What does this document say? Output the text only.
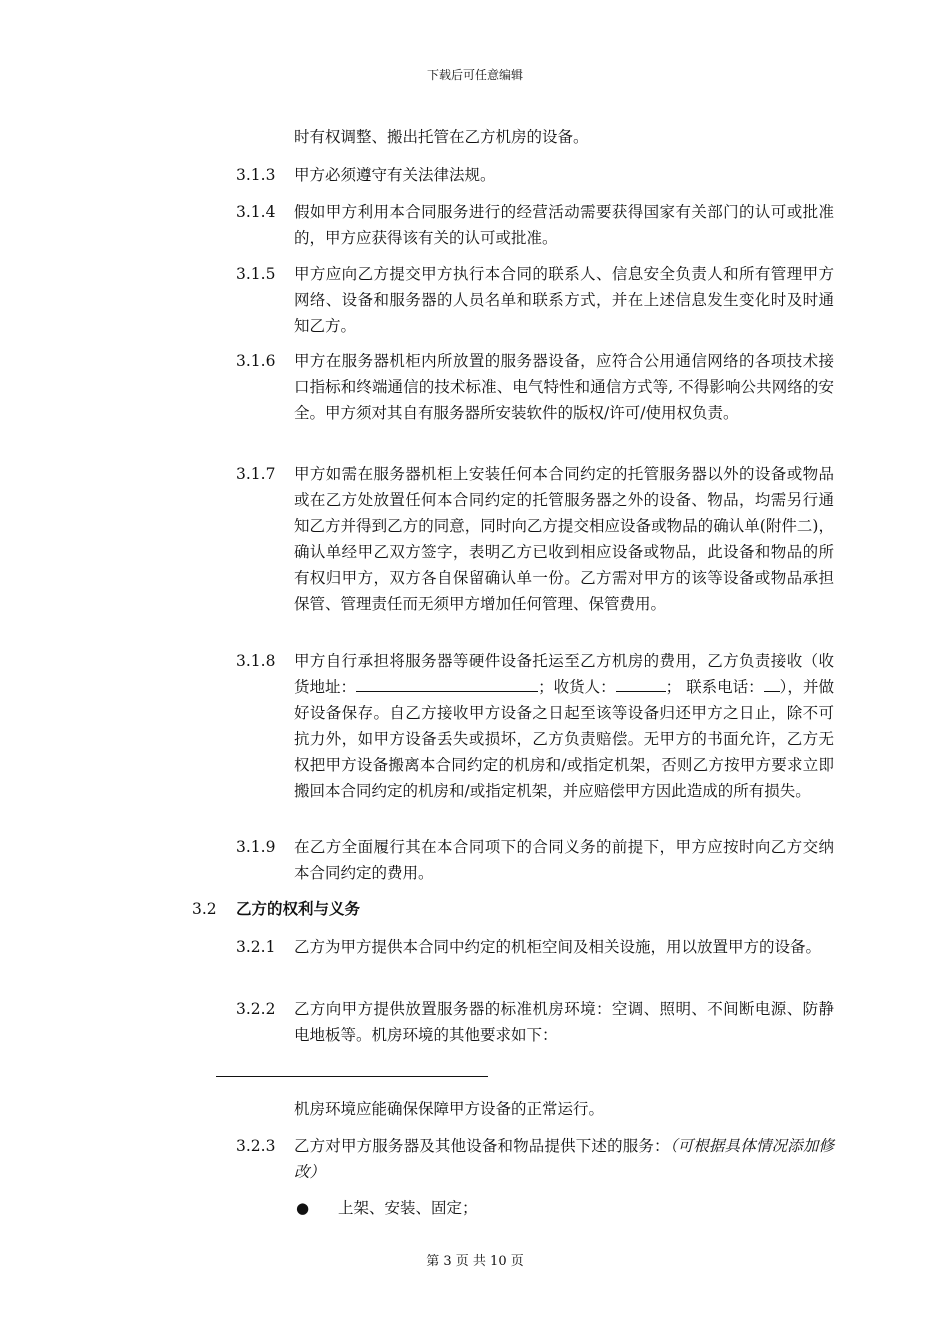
下载后可任意编辑
时有权调整、搬出托管在乙方机房的设备。
3.1.3	甲方必须遵守有关法律法规。
3.1.4	假如甲方利用本合同服务进行的经营活动需要获得国家有关部门的认可或批准的，甲方应获得该有关的认可或批准。
3.1.5	甲方应向乙方提交甲方执行本合同的联系人、信息安全负责人和所有管理甲方网络、设备和服务器的人员名单和联系方式，并在上述信息发生变化时及时通知乙方。
3.1.6	甲方在服务器机柜内所放置的服务器设备，应符合公用通信网络的各项技术接口指标和终端通信的技术标准、电气特性和通信方式等, 不得影响公共网络的安全。甲方须对其自有服务器所安装软件的版权/许可/使用权负责。
3.1.7	甲方如需在服务器机柜上安装任何本合同约定的托管服务器以外的设备或物品或在乙方处放置任何本合同约定的托管服务器之外的设备、物品，均需另行通知乙方并得到乙方的同意，同时向乙方提交相应设备或物品的确认单(附件二)，确认单经甲乙双方签字，表明乙方已收到相应设备或物品，此设备和物品的所有权归甲方，双方各自保留确认单一份。乙方需对甲方的该等设备或物品承担保管、管理责任而无须甲方增加任何管理、保管费用。
3.1.8	甲方自行承担将服务器等硬件设备托运至乙方机房的费用，乙方负责接收（收货地址：	；收货人：	； 联系电话： ），并做好设备保存。自乙方接收甲方设备之日起至该等设备归还甲方之日止，除不可抗力外，如甲方设备丢失或损坏，乙方负责赔偿。无甲方的书面允许，乙方无权把甲方设备搬离本合同约定的机房和/或指定机架，否则乙方按甲方要求立即搬回本合同约定的机房和/或指定机架，并应赔偿甲方因此造成的所有损失。
3.1.9	在乙方全面履行其在本合同项下的合同义务的前提下，甲方应按时向乙方交纳本合同约定的费用。
3.2 乙方的权利与义务
3.2.1	乙方为甲方提供本合同中约定的机柜空间及相关设施，用以放置甲方的设备。
3.2.2	乙方向甲方提供放置服务器的标准机房环境：空调、照明、不间断电源、防静电地板等。机房环境的其他要求如下：
机房环境应能确保保障甲方设备的正常运行。
3.2.3	乙方对甲方服务器及其他设备和物品提供下述的服务：（可根据具体情况添加修改）
● 上架、安装、固定；
第 3 页 共 10 页
